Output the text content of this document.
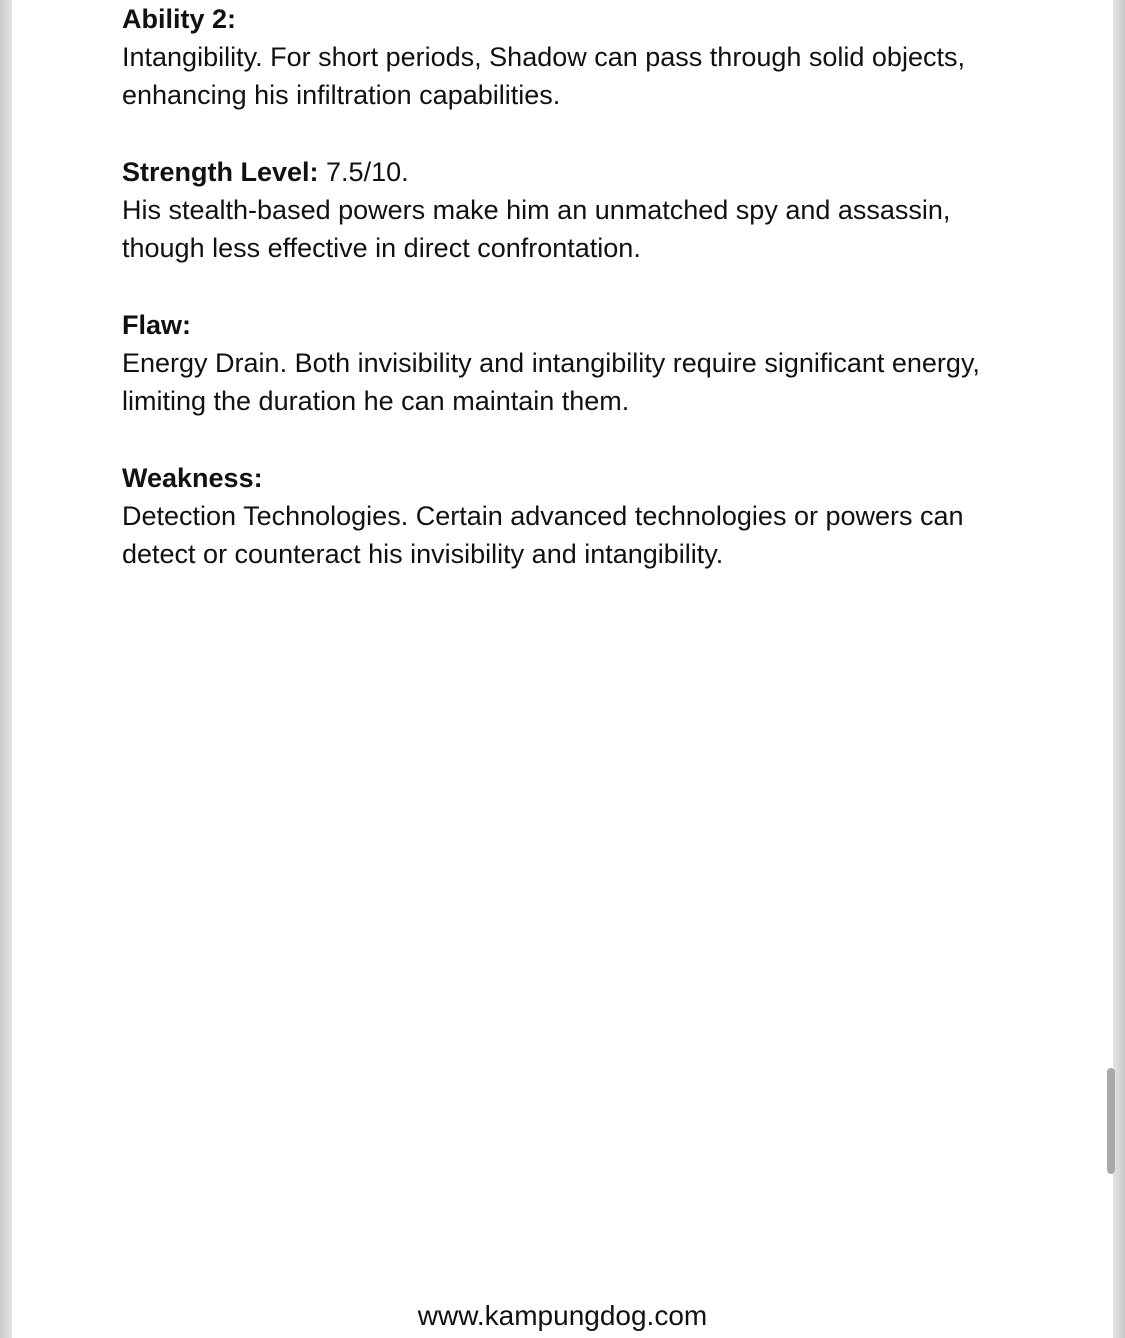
Ability 2:

Intangibility. For short periods, Shadow can pass through solid objects, enhancing his infiltration capabilities.

Strength Level: 7.5/10.

His stealth-based powers make him an unmatched spy and assassin, though less effective in direct confrontation.

Flaw:

Energy Drain. Both invisibility and intangibility require significant energy, limiting the duration he can maintain them.

Weakness:

Detection Technologies. Certain advanced technologies or powers can detect or counteract his invisibility and intangibility.

www.kampungdog.com
